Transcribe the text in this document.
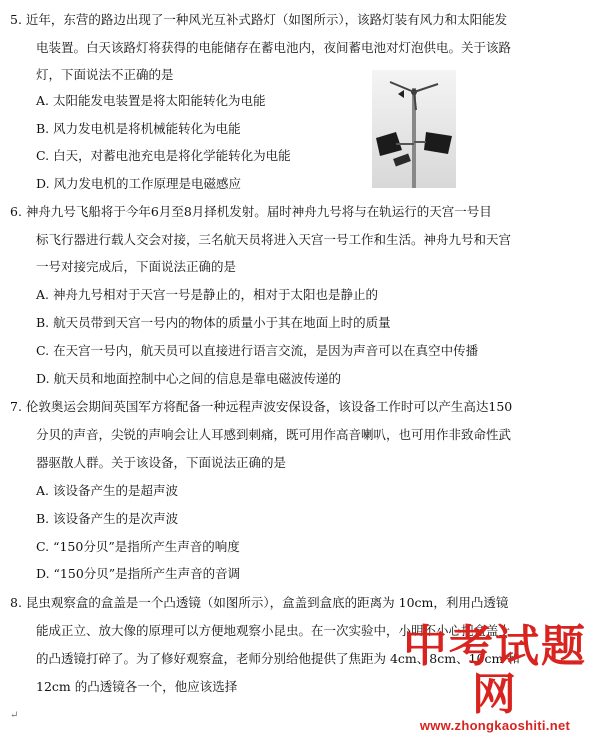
5. 近年，东营的路边出现了一种风光互补式路灯（如图所示），该路灯装有风力和太阳能发
电装置。白天该路灯将获得的电能储存在蓄电池内，夜间蓄电池对灯泡供电。关于该路
灯，下面说法不正确的是
A. 太阳能发电装置是将太阳能转化为电能
B. 风力发电机是将机械能转化为电能
C. 白天，对蓄电池充电是将化学能转化为电能
D. 风力发电机的工作原理是电磁感应
6. 神舟九号飞船将于今年6月至8月择机发射。届时神舟九号将与在轨运行的天宫一号目
标飞行器进行载人交会对接，三名航天员将进入天宫一号工作和生活。神舟九号和天宫
一号对接完成后，下面说法正确的是
A. 神舟九号相对于天宫一号是静止的，相对于太阳也是静止的
B. 航天员带到天宫一号内的物体的质量小于其在地面上时的质量
C. 在天宫一号内，航天员可以直接进行语言交流，是因为声音可以在真空中传播
D. 航天员和地面控制中心之间的信息是靠电磁波传递的
7. 伦敦奥运会期间英国军方将配备一种远程声波安保设备，该设备工作时可以产生高达150
分贝的声音，尖锐的声响会让人耳感到刺痛，既可用作高音喇叭，也可用作非致命性武
器驱散人群。关于该设备，下面说法正确的是
A. 该设备产生的是超声波
B. 该设备产生的是次声波
C. “150分贝”是指所产生声音的响度
D. “150分贝”是指所产生声音的音调
8. 昆虫观察盒的盒盖是一个凸透镜（如图所示），盒盖到盒底的距离为 10cm，利用凸透镜
能成正立、放大像的原理可以方便地观察小昆虫。在一次实验中，小明不小心把盒盖上
的凸透镜打碎了。为了修好观察盒，老师分别给他提供了焦距为 4cm、8cm、10cm 和
12cm 的凸透镜各一个，他应该选择
↵
中考试题网
www.zhongkaoshiti.net
